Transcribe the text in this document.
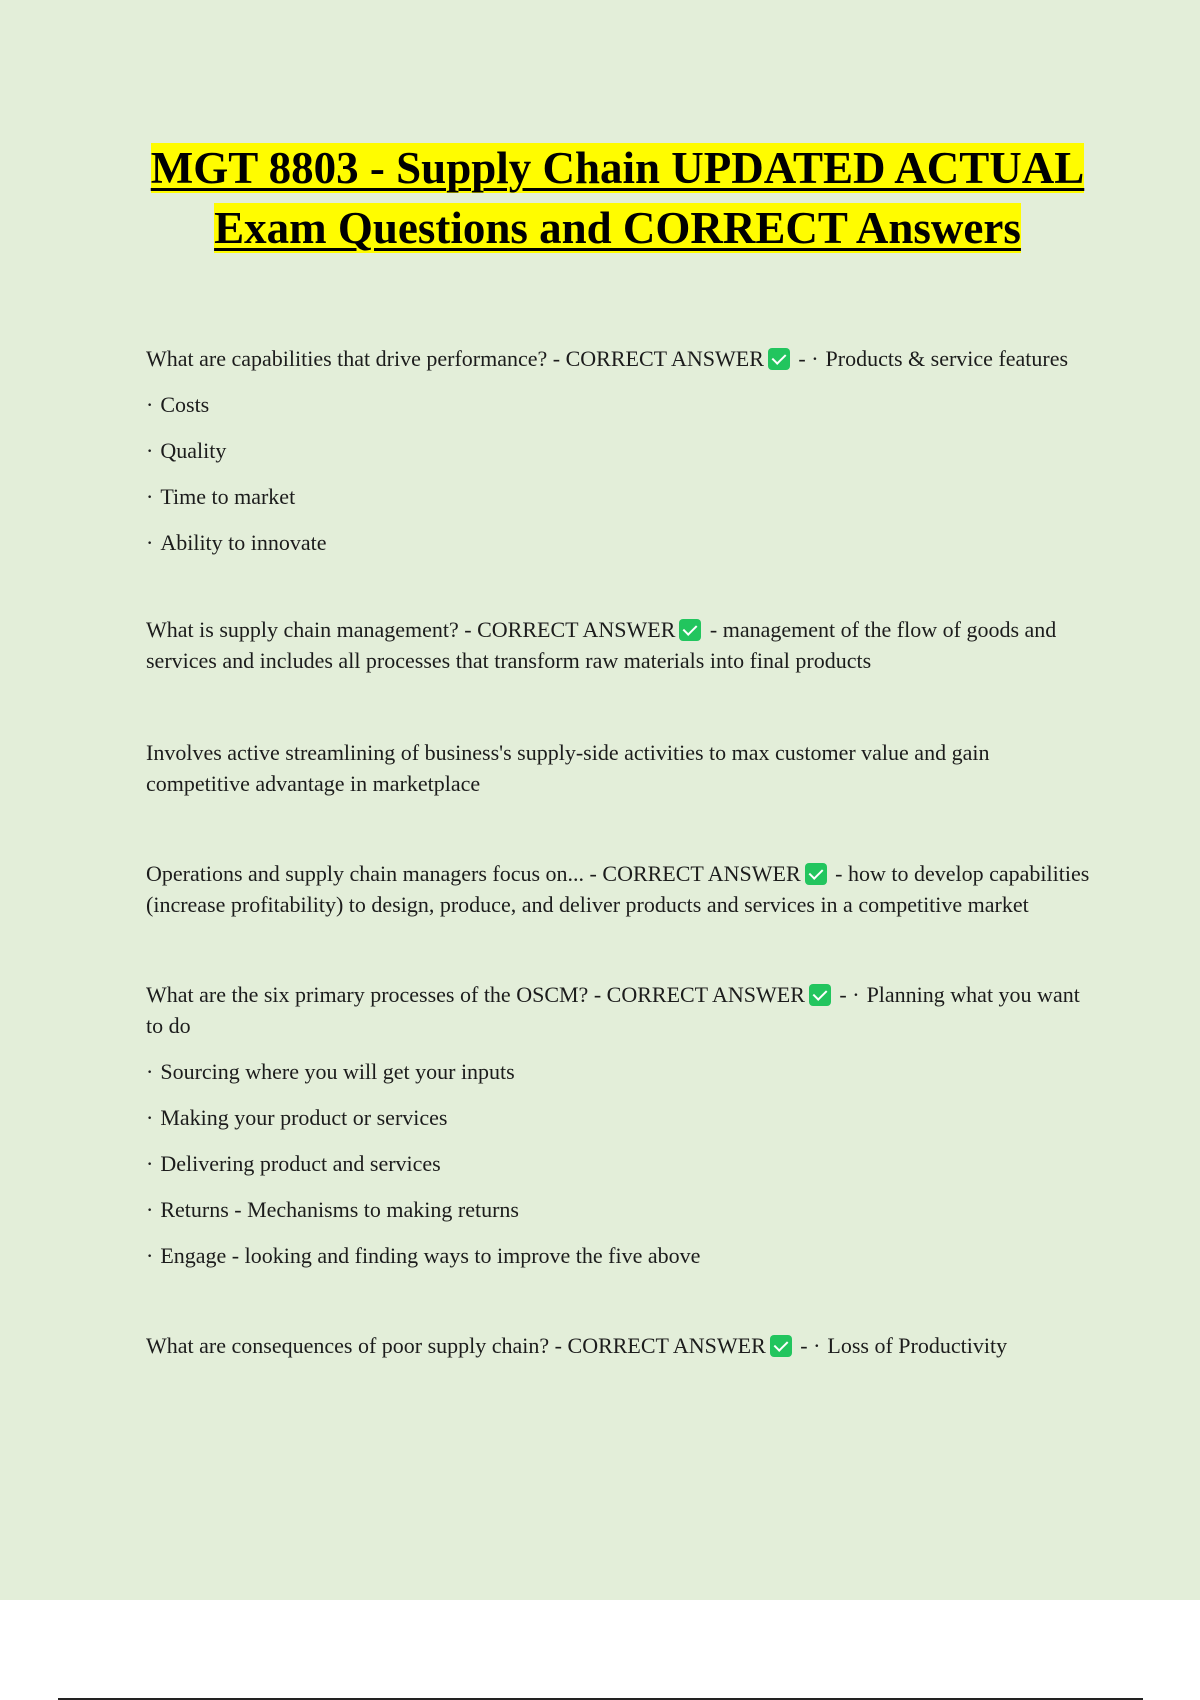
MGT 8803 - Supply Chain UPDATED ACTUAL Exam Questions and CORRECT Answers
What are capabilities that drive performance? - CORRECT ANSWER - · Products & service features
· Costs
· Quality
· Time to market
· Ability to innovate
What is supply chain management? - CORRECT ANSWER - management of the flow of goods and services and includes all processes that transform raw materials into final products
Involves active streamlining of business's supply-side activities to max customer value and gain competitive advantage in marketplace
Operations and supply chain managers focus on... - CORRECT ANSWER - how to develop capabilities (increase profitability) to design, produce, and deliver products and services in a competitive market
What are the six primary processes of the OSCM? - CORRECT ANSWER - · Planning what you want to do
· Sourcing where you will get your inputs
· Making your product or services
· Delivering product and services
· Returns - Mechanisms to making returns
· Engage - looking and finding ways to improve the five above
What are consequences of poor supply chain? - CORRECT ANSWER - · Loss of Productivity
